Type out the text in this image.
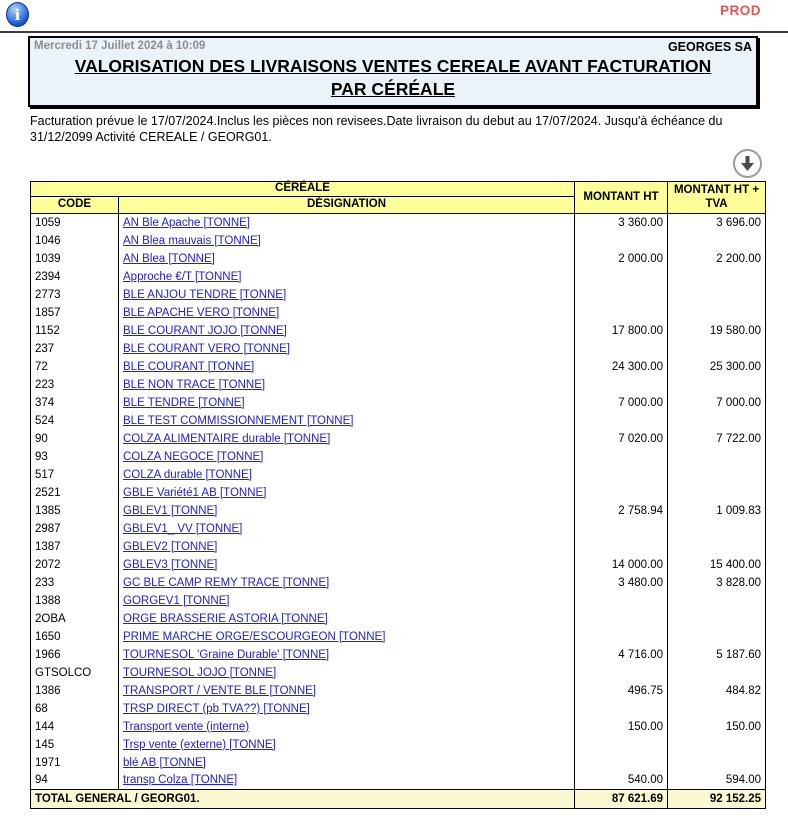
i	PROD
Mercredi 17 Juillet 2024 à 10:09	GEORGES SA
VALORISATION DES LIVRAISONS VENTES CEREALE AVANT FACTURATION
PAR CÉRÉALE

Facturation prévue le 17/07/2024.Inclus les pièces non revisees.Date livraison du debut au 17/07/2024. Jusqu'à échéance du 31/12/2099 Activité CEREALE / GEORG01.

CÉRÉALE		MONTANT HT	MONTANT HT + TVA
CODE	DÉSIGNATION		
1059	AN Ble Apache [TONNE]	3 360.00	3 696.00
1046	AN Blea mauvais [TONNE]		
1039	AN Blea [TONNE]	2 000.00	2 200.00
2394	Approche €/T [TONNE]		
2773	BLE ANJOU TENDRE [TONNE]		
1857	BLE APACHE VERO [TONNE]		
1152	BLE COURANT JOJO [TONNE]	17 800.00	19 580.00
237	BLE COURANT VERO [TONNE]		
72	BLE COURANT [TONNE]	24 300.00	25 300.00
223	BLE NON TRACE [TONNE]		
374	BLE TENDRE [TONNE]	7 000.00	7 000.00
524	BLE TEST COMMISSIONNEMENT [TONNE]		
90	COLZA ALIMENTAIRE durable [TONNE]	7 020.00	7 722.00
93	COLZA NEGOCE [TONNE]		
517	COLZA durable [TONNE]		
2521	GBLE Variété1 AB [TONNE]		
1385	GBLEV1 [TONNE]	2 758.94	1 009.83
2987	GBLEV1_ VV [TONNE]		
1387	GBLEV2 [TONNE]		
2072	GBLEV3 [TONNE]	14 000.00	15 400.00
233	GC BLE CAMP REMY TRACE [TONNE]	3 480.00	3 828.00
1388	GORGEV1 [TONNE]		
2OBA	ORGE BRASSERIE ASTORIA [TONNE]		
1650	PRIME MARCHE ORGE/ESCOURGEON [TONNE]		
1966	TOURNESOL 'Graine Durable' [TONNE]	4 716.00	5 187.60
GTSOLCO	TOURNESOL JOJO [TONNE]		
1386	TRANSPORT / VENTE BLE [TONNE]	496.75	484.82
68	TRSP DIRECT (pb TVA??) [TONNE]		
144	Transport vente (interne)	150.00	150.00
145	Trsp vente (externe) [TONNE]		
1971	blé AB [TONNE]		
94	transp Colza [TONNE]	540.00	594.00
TOTAL GENERAL / GEORG01.		87 621.69	92 152.25
